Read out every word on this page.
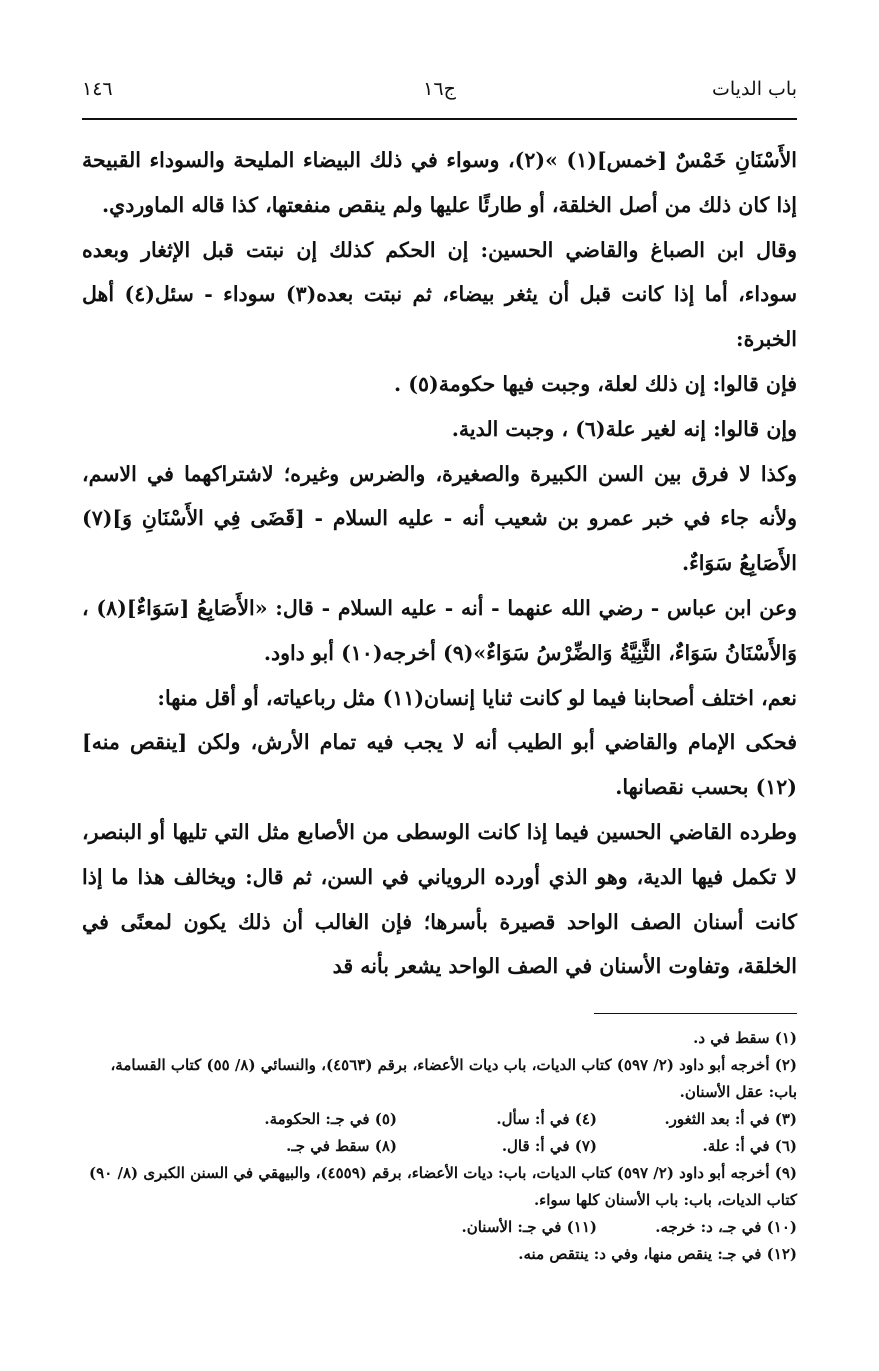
باب الديات
ج١٦
١٤٦

الأَسْنَانِ خَمْسٌ [خمس](١) »(٢)، وسواء في ذلك البيضاء المليحة والسوداء القبيحة إذا كان ذلك من أصل الخلقة، أو طارئًا عليها ولم ينقص منفعتها، كذا قاله الماوردي.

وقال ابن الصباغ والقاضي الحسين: إن الحكم كذلك إن نبتت قبل الإثغار وبعده سوداء، أما إذا كانت قبل أن يثغر بيضاء، ثم نبتت بعده(٣) سوداء - سئل(٤) أهل الخبرة:

فإن قالوا: إن ذلك لعلة، وجبت فيها حكومة(٥) .

وإن قالوا: إنه لغير علة(٦) ، وجبت الدية.

وكذا لا فرق بين السن الكبيرة والصغيرة، والضرس وغيره؛ لاشتراكهما في الاسم، ولأنه جاء في خبر عمرو بن شعيب أنه - عليه السلام - [قَضَى فِي الأَسْنَانِ وَ](٧) الأَصَابِعُ سَوَاءٌ.

وعن ابن عباس - رضي الله عنهما - أنه - عليه السلام - قال: «الأَصَابِعُ [سَوَاءٌ](٨) ، وَالأَسْنَانُ سَوَاءٌ، الثَّنِيَّةُ وَالضِّرْسُ سَوَاءٌ»(٩) أخرجه(١٠) أبو داود.

نعم، اختلف أصحابنا فيما لو كانت ثنايا إنسان(١١) مثل رباعياته، أو أقل منها:

فحكى الإمام والقاضي أبو الطيب أنه لا يجب فيه تمام الأرش، ولكن [ينقص منه](١٢) بحسب نقصانها.

وطرده القاضي الحسين فيما إذا كانت الوسطى من الأصابع مثل التي تليها أو البنصر، لا تكمل فيها الدية، وهو الذي أورده الروياني في السن، ثم قال: ويخالف هذا ما إذا كانت أسنان الصف الواحد قصيرة بأسرها؛ فإن الغالب أن ذلك يكون لمعنًى في الخلقة، وتفاوت الأسنان في الصف الواحد يشعر بأنه قد

(١) سقط في د.

(٢) أخرجه أبو داود (٢/ ٥٩٧) كتاب الديات، باب ديات الأعضاء، برقم (٤٥٦٣)، والنسائي (٨/ ٥٥) كتاب القسامة، باب: عقل الأسنان.

(٣) في أ: بعد الثغور.
(٤) في أ: سأل.
(٥) في جـ: الحكومة.
(٦) في أ: علة.
(٧) في أ: قال.
(٨) سقط في جـ.

(٩) أخرجه أبو داود (٢/ ٥٩٧) كتاب الديات، باب: ديات الأعضاء، برقم (٤٥٥٩)، والبيهقي في السنن الكبرى (٨/ ٩٠) كتاب الديات، باب: باب الأسنان كلها سواء.

(١٠) في جـ، د: خرجه.
(١١) في جـ: الأسنان.

(١٢) في جـ: ينقص منها، وفي د: ينتقص منه.
